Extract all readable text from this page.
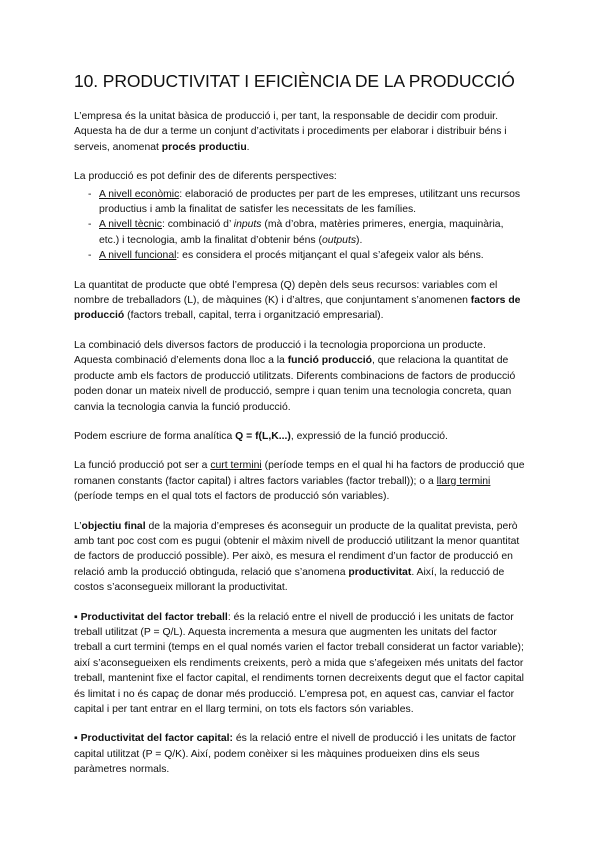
10. PRODUCTIVITAT I EFICIÈNCIA DE LA PRODUCCIÓ

L’empresa és la unitat bàsica de producció i, per tant, la responsable de decidir com produir. Aquesta ha de dur a terme un conjunt d’activitats i procediments per elaborar i distribuir béns i serveis, anomenat procés productiu.

La producció es pot definir des de diferents perspectives:

- A nivell econòmic: elaboració de productes per part de les empreses, utilitzant uns recursos productius i amb la finalitat de satisfer les necessitats de les famílies.
- A nivell tècnic: combinació d’ inputs (mà d’obra, matèries primeres, energia, maquinària, etc.) i tecnologia, amb la finalitat d’obtenir béns (outputs).
- A nivell funcional: es considera el procés mitjançant el qual s’afegeix valor als béns.

La quantitat de producte que obté l’empresa (Q) depèn dels seus recursos: variables com el nombre de treballadors (L), de màquines (K) i d’altres, que conjuntament s’anomenen factors de producció (factors treball, capital, terra i organització empresarial).

La combinació dels diversos factors de producció i la tecnologia proporciona un producte. Aquesta combinació d’elements dona lloc a la funció producció, que relaciona la quantitat de producte amb els factors de producció utilitzats. Diferents combinacions de factors de producció poden donar un mateix nivell de producció, sempre i quan tenim una tecnologia concreta, quan canvia la tecnologia canvia la funció producció.

Podem escriure de forma analítica Q = f(L,K...), expressió de la funció producció.

La funció producció pot ser a curt termini (període temps en el qual hi ha factors de producció que romanen constants (factor capital) i altres factors variables (factor treball)); o a llarg termini (període temps en el qual tots el factors de producció són variables).

L’objectiu final de la majoria d’empreses és aconseguir un producte de la qualitat prevista, però amb tant poc cost com es pugui (obtenir el màxim nivell de producció utilitzant la menor quantitat de factors de producció possible). Per això, es mesura el rendiment d’un factor de producció en relació amb la producció obtinguda, relació que s’anomena productivitat. Així, la reducció de costos s’aconsegueix millorant la productivitat.

▪ Productivitat del factor treball: és la relació entre el nivell de producció i les unitats de factor treball utilitzat (P = Q/L). Aquesta incrementa a mesura que augmenten les unitats del factor treball a curt termini (temps en el qual només varien el factor treball considerat un factor variable); així s’aconsegueixen els rendiments creixents, però a mida que s’afegeixen més unitats del factor treball, mantenint fixe el factor capital, el rendiments tornen decreixents degut que el factor capital és limitat i no és capaç de donar més producció. L’empresa pot, en aquest cas, canviar el factor capital i per tant entrar en el llarg termini, on tots els factors són variables.

▪ Productivitat del factor capital: és la relació entre el nivell de producció i les unitats de factor capital utilitzat (P = Q/K). Així, podem conèixer si les màquines produeixen dins els seus paràmetres normals.
